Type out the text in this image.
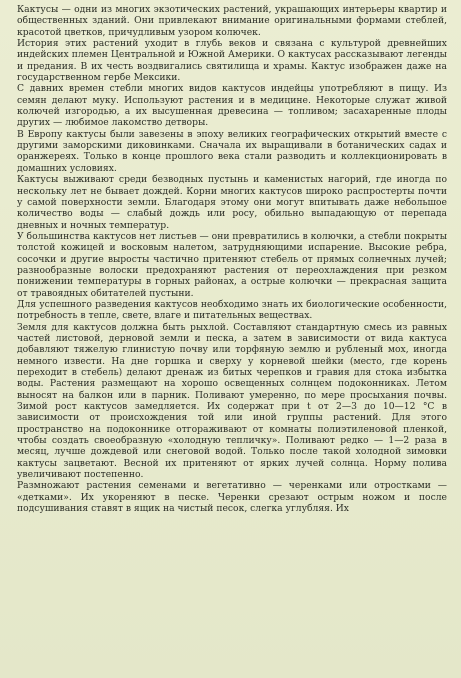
Кактусы — одни из многих экзотических растений, украшающих интерьеры квартир и общественных зданий. Они привлекают внимание оригинальными формами стеблей, красотой цветков, причудливым узором колючек.

История этих растений уходит в глубь веков и связана с культурой древнейших индейских племен Центральной и Южной Америки. О кактусах рассказывают легенды и предания. В их честь воздвигались святилища и храмы. Кактус изображен даже на государственном гербе Мексики.

С давних времен стебли многих видов кактусов индейцы употребляют в пищу. Из семян делают муку. Используют растения и в медицине. Некоторые служат живой колючей изгородью, а их высушенная древесина — топливом; засахаренные плоды других — любимое лакомство детворы.

В Европу кактусы были завезены в эпоху великих географических открытий вместе с другими заморскими диковинками. Сначала их выращивали в ботанических садах и оранжереях. Только в конце прошлого века стали разводить и коллекционировать в домашних условиях.

Кактусы выживают среди безводных пустынь и каменистых нагорий, где иногда по нескольку лет не бывает дождей. Корни многих кактусов широко распростерты почти у самой поверхности земли. Благодаря этому они могут впитывать даже небольшое количество воды — слабый дождь или росу, обильно выпадающую от перепада дневных и ночных температур.

У большинства кактусов нет листьев — они превратились в колючки, а стебли покрыты толстой кожицей и восковым налетом, затрудняющими испарение. Высокие ребра, сосочки и другие выросты частично притеняют стебель от прямых солнечных лучей; разнообразные волоски предохраняют растения от переохлаждения при резком понижении температуры в горных районах, а острые колючки — прекрасная защита от травоядных обитателей пустыни.

Для успешного разведения кактусов необходимо знать их биологические особенности, потребность в тепле, свете, влаге и питательных веществах.

Земля для кактусов должна быть рыхлой. Составляют стандартную смесь из равных частей листовой, дерновой земли и песка, а затем в зависимости от вида кактуса добавляют тяжелую глинистую почву или торфяную землю и рубленый мох, иногда немного извести. На дне горшка и сверху у корневой шейки (место, где корень переходит в стебель) делают дренаж из битых черепков и гравия для стока избытка воды. Растения размещают на хорошо освещенных солнцем подоконниках. Летом выносят на балкон или в парник. Поливают умеренно, по мере просыхания почвы. Зимой рост кактусов замедляется. Их содержат при t от 2—3 до 10—12 °С в зависимости от происхождения той или иной группы растений. Для этого пространство на подоконнике отгораживают от комнаты полиэтиленовой пленкой, чтобы создать своеобразную «холодную тепличку». Поливают редко — 1—2 раза в месяц, лучше дождевой или снеговой водой. Только после такой холодной зимовки кактусы зацветают. Весной их притеняют от ярких лучей солнца. Норму полива увеличивают постепенно.

Размножают растения семенами и вегетативно — черенками или отростками — «детками». Их укореняют в песке. Черенки срезают острым ножом и после подсушивания ставят в ящик на чистый песок, слегка углубляя. Их
